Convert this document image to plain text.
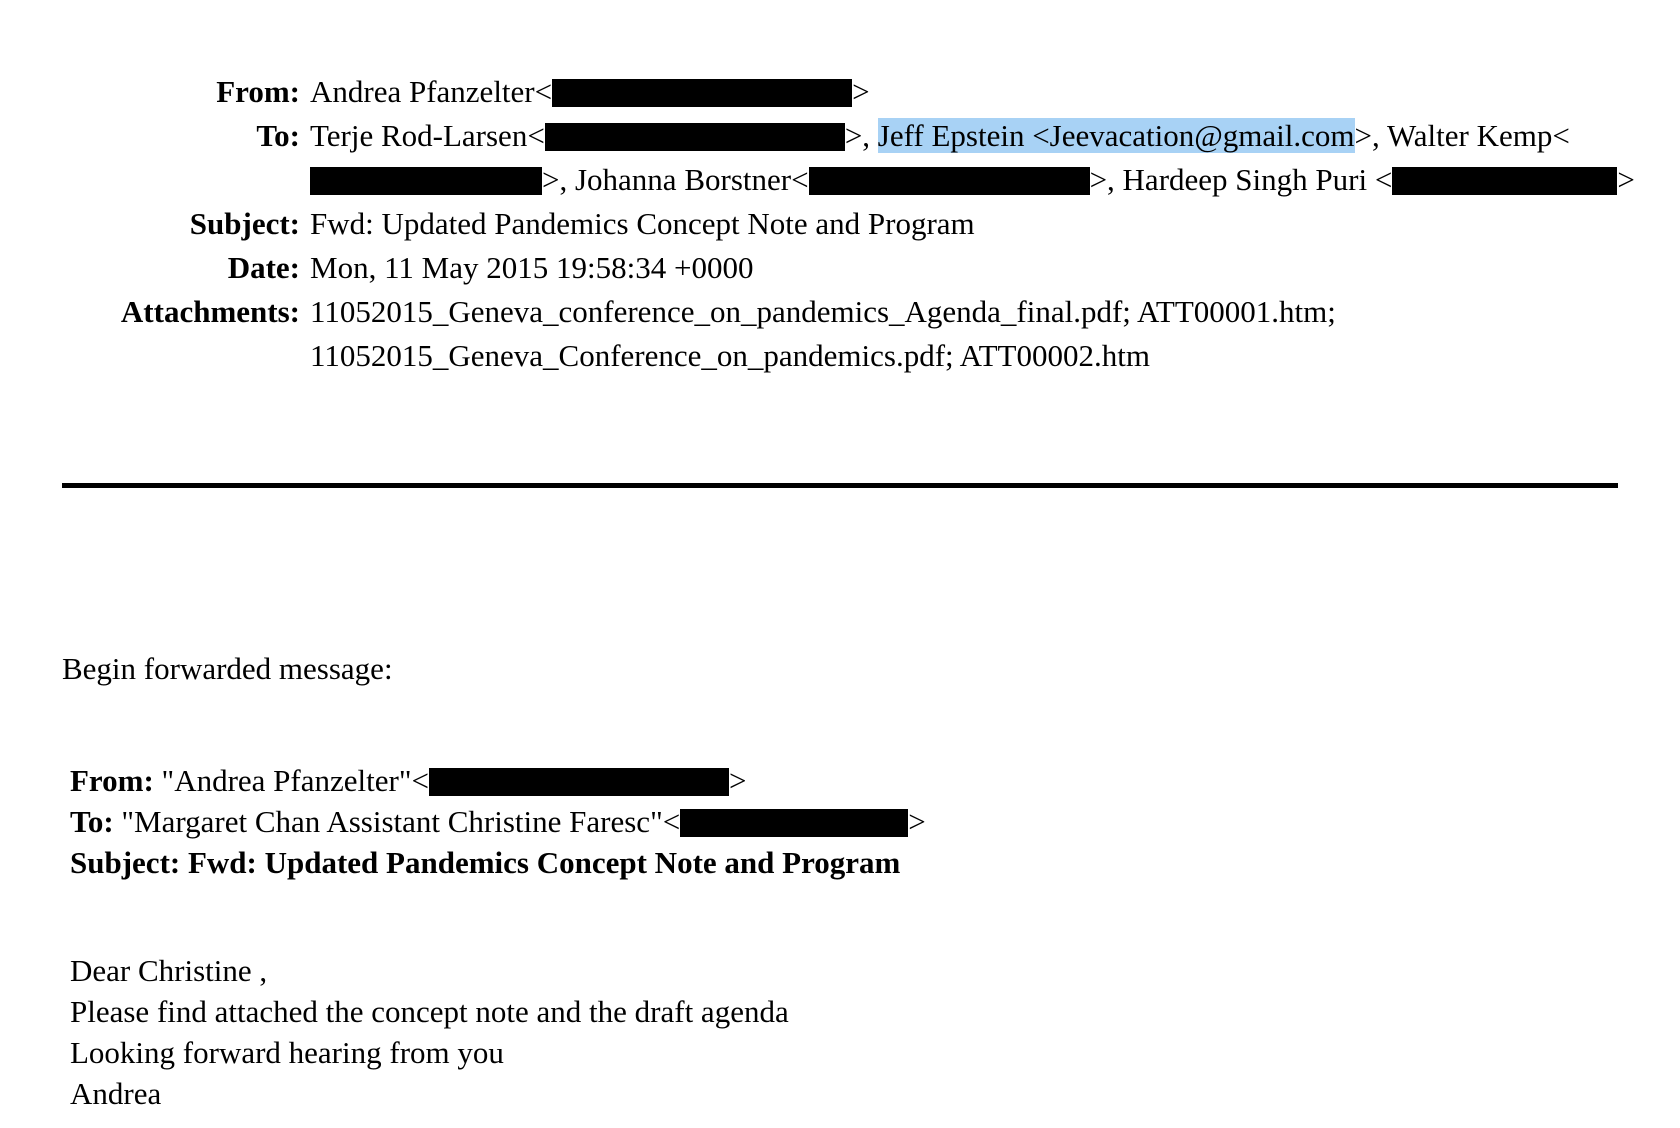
From: Andrea Pfanzelter<	>
To: Terje Rod-Larsen<	>, Jeff Epstein <Jeevacation@gmail.com>, Walter Kemp<>, Johanna Borstner<	>, Hardeep Singh Puri <	>
Subject: Fwd: Updated Pandemics Concept Note and Program
Date: Mon, 11 May 2015 19:58:34 +0000
Attachments: 11052015_Geneva_conference_on_pandemics_Agenda_final.pdf; ATT00001.htm;
11052015_Geneva_Conference_on_pandemics.pdf; ATT00002.htm
Begin forwarded message:
From: "Andrea Pfanzelter"<	>
To: "Margaret Chan Assistant Christine Faresc"<	>
Subject: Fwd: Updated Pandemics Concept Note and Program
Dear Christine ,
Please find attached the concept note and the draft agenda
Looking forward hearing from you
Andrea
